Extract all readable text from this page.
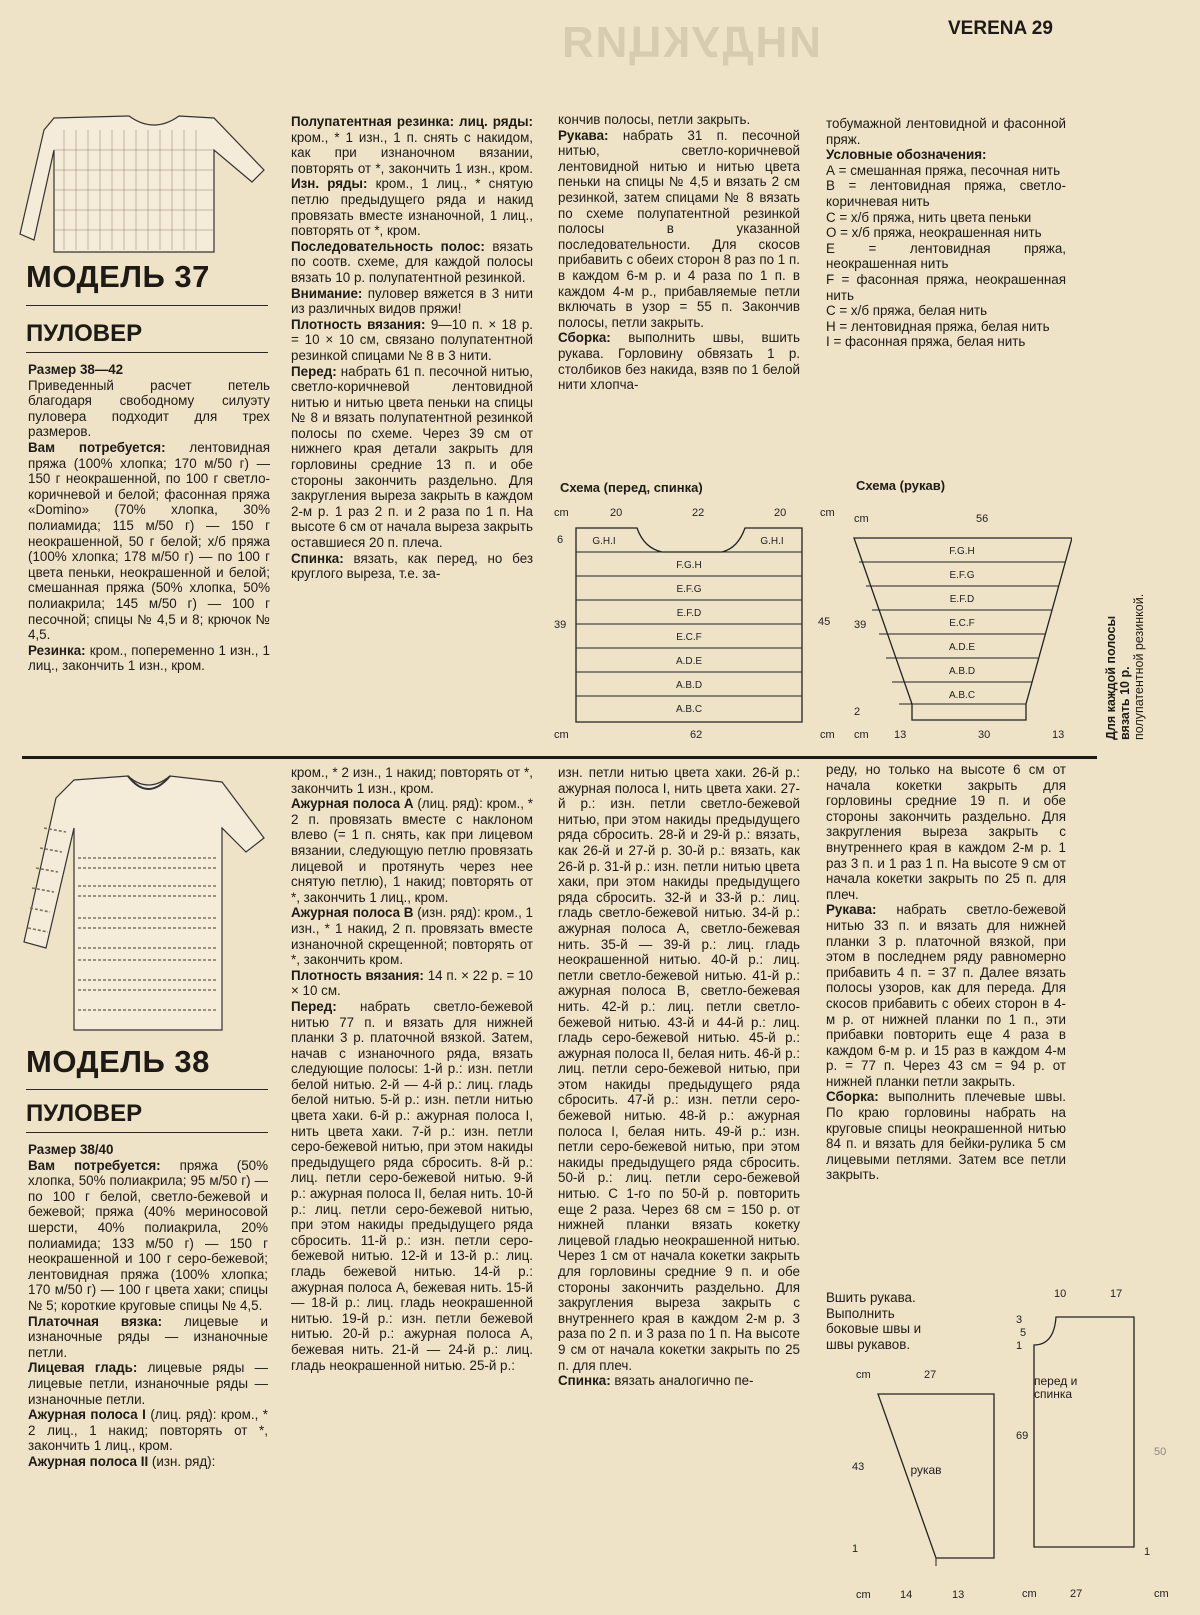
VERENA 29
ИНДУКЦИЯ
МОДЕЛЬ 37
ПУЛОВЕР

Размер 38—42

Приведенный расчет петель благодаря свободному силуэту пуловера подходит для трех размеров.

Вам потребуется: лентовидная пряжа (100% хлопка; 170 м/50 г) — 150 г неокрашенной, по 100 г светло-коричневой и белой; фасонная пряжа «Domino» (70% хлопка, 30% полиамида; 115 м/50 г) — 150 г неокрашенной, 50 г белой; х/б пряжа (100% хлопка; 178 м/50 г) — по 100 г цвета пеньки, неокрашенной и белой; смешанная пряжа (50% хлопка, 50% полиакрила; 145 м/50 г) — 100 г песочной; спицы № 4,5 и 8; крючок № 4,5.

Резинка: кром., попеременно 1 изн., 1 лиц., закончить 1 изн., кром.

Полупатентная резинка: лиц. ряды: кром., * 1 изн., 1 п. снять с накидом, как при изнаночном вязании, повторять от *, закончить 1 изн., кром. Изн. ряды: кром., 1 лиц., * снятую петлю предыдущего ряда и накид провязать вместе изнаночной, 1 лиц., повторять от *, кром.

Последовательность полос: вязать по соотв. схеме, для каждой полосы вязать 10 р. полупатентной резинкой.

Внимание: пуловер вяжется в 3 нити из различных видов пряжи!

Плотность вязания: 9—10 п. × 18 р. = 10 × 10 см, связано полупатентной резинкой спицами № 8 в 3 нити.

Перед: набрать 61 п. песочной нитью, светло-коричневой лентовидной нитью и нитью цвета пеньки на спицы № 8 и вязать полупатентной резинкой полосы по схеме. Через 39 см от нижнего края детали закрыть для горловины средние 13 п. и обе стороны закончить раздельно. Для закругления выреза закрыть в каждом 2-м р. 1 раз 2 п. и 2 раза по 1 п. На высоте 6 см от начала выреза закрыть оставшиеся 20 п. плеча.

Спинка: вязать, как перед, но без круглого выреза, т.е. за-

кончив полосы, петли закрыть.

Рукава: набрать 31 п. песочной нитью, светло-коричневой лентовидной нитью и нитью цвета пеньки на спицы № 4,5 и вязать 2 см резинкой, затем спицами № 8 вязать по схеме полупатентной резинкой полосы в указанной последовательности. Для скосов прибавить с обеих сторон 8 раз по 1 п. в каждом 6-м р. и 4 раза по 1 п. в каждом 4-м р., прибавляемые петли включать в узор = 55 п. Закончив полосы, петли закрыть.

Сборка: выполнить швы, вшить рукава. Горловину обвязать 1 р. столбиков без накида, взяв по 1 белой нити хлопча-

тобумажной лентовидной и фасонной пряж.

Условные обозначения:

А = смешанная пряжа, песочная нить

В = лентовидная пряжа, светло-коричневая нить

С = х/б пряжа, нить цвета пеньки

О = х/б пряжа, неокрашенная нить

Е = лентовидная пряжа, неокрашенная нить

F = фасонная пряжа, неокрашенная нить

С = х/б пряжа, белая нить

Н = лентовидная пряжа, белая нить

I = фасонная пряжа, белая нить

Схема (перед, спинка)
cm	20	22	20	cm
6
39	45
cm	62	cm
G.H.I	G.H.I
F.G.H
E.F.G
E.F.D
E.C.F
A.D.E
A.B.D
A.B.C
Схема (рукав)
cm	56
39
2
cm 13	30	13
F.G.H
E.F.G
E.F.D
E.C.F
A.D.E
A.B.D
A.B.C	Для каждой полосы вязать 10 р. полупатентной резинкой.
МОДЕЛЬ 38
ПУЛОВЕР

Размер 38/40

Вам потребуется: пряжа (50% хлопка, 50% полиакрила; 95 м/50 г) — по 100 г белой, светло-бежевой и бежевой; пряжа (40% мериносовой шерсти, 40% полиакрила, 20% полиамида; 133 м/50 г) — 150 г неокрашенной и 100 г серо-бежевой; лентовидная пряжа (100% хлопка; 170 м/50 г) — 100 г цвета хаки; спицы № 5; короткие круговые спицы № 4,5.

Платочная вязка: лицевые и изнаночные ряды — изнаночные петли.

Лицевая гладь: лицевые ряды — лицевые петли, изнаночные ряды — изнаночные петли.

Ажурная полоса I (лиц. ряд): кром., * 2 лиц., 1 накид; повторять от *, закончить 1 лиц., кром.

Ажурная полоса II (изн. ряд):

кром., * 2 изн., 1 накид; повторять от *, закончить 1 изн., кром.

Ажурная полоса А (лиц. ряд): кром., * 2 п. провязать вместе с наклоном влево (= 1 п. снять, как при лицевом вязании, следующую петлю провязать лицевой и протянуть через нее снятую петлю), 1 накид; повторять от *, закончить 1 лиц., кром.

Ажурная полоса В (изн. ряд): кром., 1 изн., * 1 накид, 2 п. провязать вместе изнаночной скрещенной; повторять от *, закончить кром.

Плотность вязания: 14 п. × 22 р. = 10 × 10 см.

Перед: набрать светло-бежевой нитью 77 п. и вязать для нижней планки 3 р. платочной вязкой. Затем, начав с изнаночного ряда, вязать следующие полосы: 1-й р.: изн. петли белой нитью. 2-й — 4-й р.: лиц. гладь белой нитью. 5-й р.: изн. петли нитью цвета хаки. 6-й р.: ажурная полоса I, нить цвета хаки. 7-й р.: изн. петли серо-бежевой нитью, при этом накиды предыдущего ряда сбросить. 8-й р.: лиц. петли серо-бежевой нитью. 9-й р.: ажурная полоса II, белая нить. 10-й р.: лиц. петли серо-бежевой нитью, при этом накиды предыдущего ряда сбросить. 11-й р.: изн. петли серо-бежевой нитью. 12-й и 13-й р.: лиц. гладь бежевой нитью. 14-й р.: ажурная полоса А, бежевая нить. 15-й — 18-й р.: лиц. гладь неокрашенной нитью. 19-й р.: изн. петли бежевой нитью. 20-й р.: ажурная полоса А, бежевая нить. 21-й — 24-й р.: лиц. гладь неокрашенной нитью. 25-й р.:

изн. петли нитью цвета хаки. 26-й р.: ажурная полоса I, нить цвета хаки. 27-й р.: изн. петли светло-бежевой нитью, при этом накиды предыдущего ряда сбросить. 28-й и 29-й р.: вязать, как 26-й и 27-й р. 30-й р.: вязать, как 26-й р. 31-й р.: изн. петли нитью цвета хаки, при этом накиды предыдущего ряда сбросить. 32-й и 33-й р.: лиц. гладь светло-бежевой нитью. 34-й р.: ажурная полоса А, светло-бежевая нить. 35-й — 39-й р.: лиц. гладь неокрашенной нитью. 40-й р.: лиц. петли светло-бежевой нитью. 41-й р.: ажурная полоса В, светло-бежевая нить. 42-й р.: лиц. петли светло-бежевой нитью. 43-й и 44-й р.: лиц. гладь серо-бежевой нитью. 45-й р.: ажурная полоса II, белая нить. 46-й р.: лиц. петли серо-бежевой нитью, при этом накиды предыдущего ряда сбросить. 47-й р.: изн. петли серо-бежевой нитью. 48-й р.: ажурная полоса I, белая нить. 49-й р.: изн. петли серо-бежевой нитью, при этом накиды предыдущего ряда сбросить. 50-й р.: лиц. петли серо-бежевой нитью. С 1-го по 50-й р. повторить еще 2 раза. Через 68 см = 150 р. от нижней планки вязать кокетку лицевой гладью неокрашенной нитью. Через 1 см от начала кокетки закрыть для горловины средние 9 п. и обе стороны закончить раздельно. Для закругления выреза закрыть с внутреннего края в каждом 2-м р. 3 раза по 2 п. и 3 раза по 1 п. На высоте 9 см от начала кокетки закрыть по 25 п. для плеч.

Спинка: вязать аналогично пе-

реду, но только на высоте 6 см от начала кокетки закрыть для горловины средние 19 п. и обе стороны закончить раздельно. Для закругления выреза закрыть с внутреннего края в каждом 2-м р. 1 раз 3 п. и 1 раз 1 п. На высоте 9 см от начала кокетки закрыть по 25 п. для плеч.

Рукава: набрать светло-бежевой нитью 33 п. и вязать для нижней планки 3 р. платочной вязкой, при этом в последнем ряду равномерно прибавить 4 п. = 37 п. Далее вязать полосы узоров, как для переда. Для скосов прибавить с обеих сторон в 4-м р. от нижней планки по 1 п., эти прибавки повторить еще 4 раза в каждом 6-м р. и 15 раз в каждом 4-м р. = 77 п. Через 43 см = 94 р. от нижней планки петли закрыть.

Сборка: выполнить плечевые швы. По краю горловины набрать на круговые спицы неокрашенной нитью 84 п. и вязать для бейки-рулика 5 см лицевыми петлями. Затем все петли закрыть.

Вшить рукава. Выполнить боковые швы и швы рукавов.
cm	27
43
1
cm	14	13
рукав
10	17
3
5
1
69
1
cm	27	cm
50
перед и спинка
